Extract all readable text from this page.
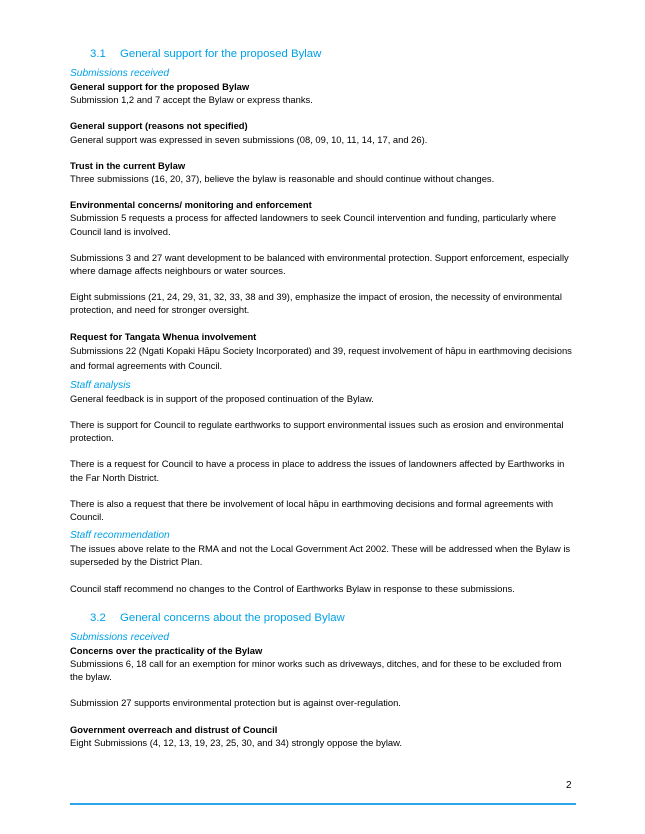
3.1	General support for the proposed Bylaw
Submissions received

General support for the proposed Bylaw

Submission 1,2 and 7 accept the Bylaw or express thanks.

General support (reasons not specified)

General support was expressed in seven submissions (08, 09, 10, 11, 14, 17, and 26).

Trust in the current Bylaw

Three submissions (16, 20, 37), believe the bylaw is reasonable and should continue without changes.

Environmental concerns/ monitoring and enforcement

Submission 5 requests a process for affected landowners to seek Council intervention and funding, particularly where Council land is involved.

Submissions 3 and 27 want development to be balanced with environmental protection. Support enforcement, especially where damage affects neighbours or water sources.

Eight submissions (21, 24, 29, 31, 32, 33, 38 and 39), emphasize the impact of erosion, the necessity of environmental protection, and need for stronger oversight.

Request for Tangata Whenua involvement

Submissions 22 (Ngati Kopaki Hāpu Society Incorporated) and 39, request involvement of hāpu in earthmoving decisions and formal agreements with Council.

Staff analysis

General feedback is in support of the proposed continuation of the Bylaw.

There is support for Council to regulate earthworks to support environmental issues such as erosion and environmental protection.

There is a request for Council to have a process in place to address the issues of landowners affected by Earthworks in the Far North District.

There is also a request that there be involvement of local hāpu in earthmoving decisions and formal agreements with Council.

Staff recommendation

The issues above relate to the RMA and not the Local Government Act 2002. These will be addressed when the Bylaw is superseded by the District Plan.

Council staff recommend no changes to the Control of Earthworks Bylaw in response to these submissions.

3.2	General concerns about the proposed Bylaw
Submissions received

Concerns over the practicality of the Bylaw

Submissions 6, 18 call for an exemption for minor works such as driveways, ditches, and for these to be excluded from the bylaw.

Submission 27 supports environmental protection but is against over-regulation.

Government overreach and distrust of Council

Eight Submissions (4, 12, 13, 19, 23, 25, 30, and 34) strongly oppose the bylaw.

2
